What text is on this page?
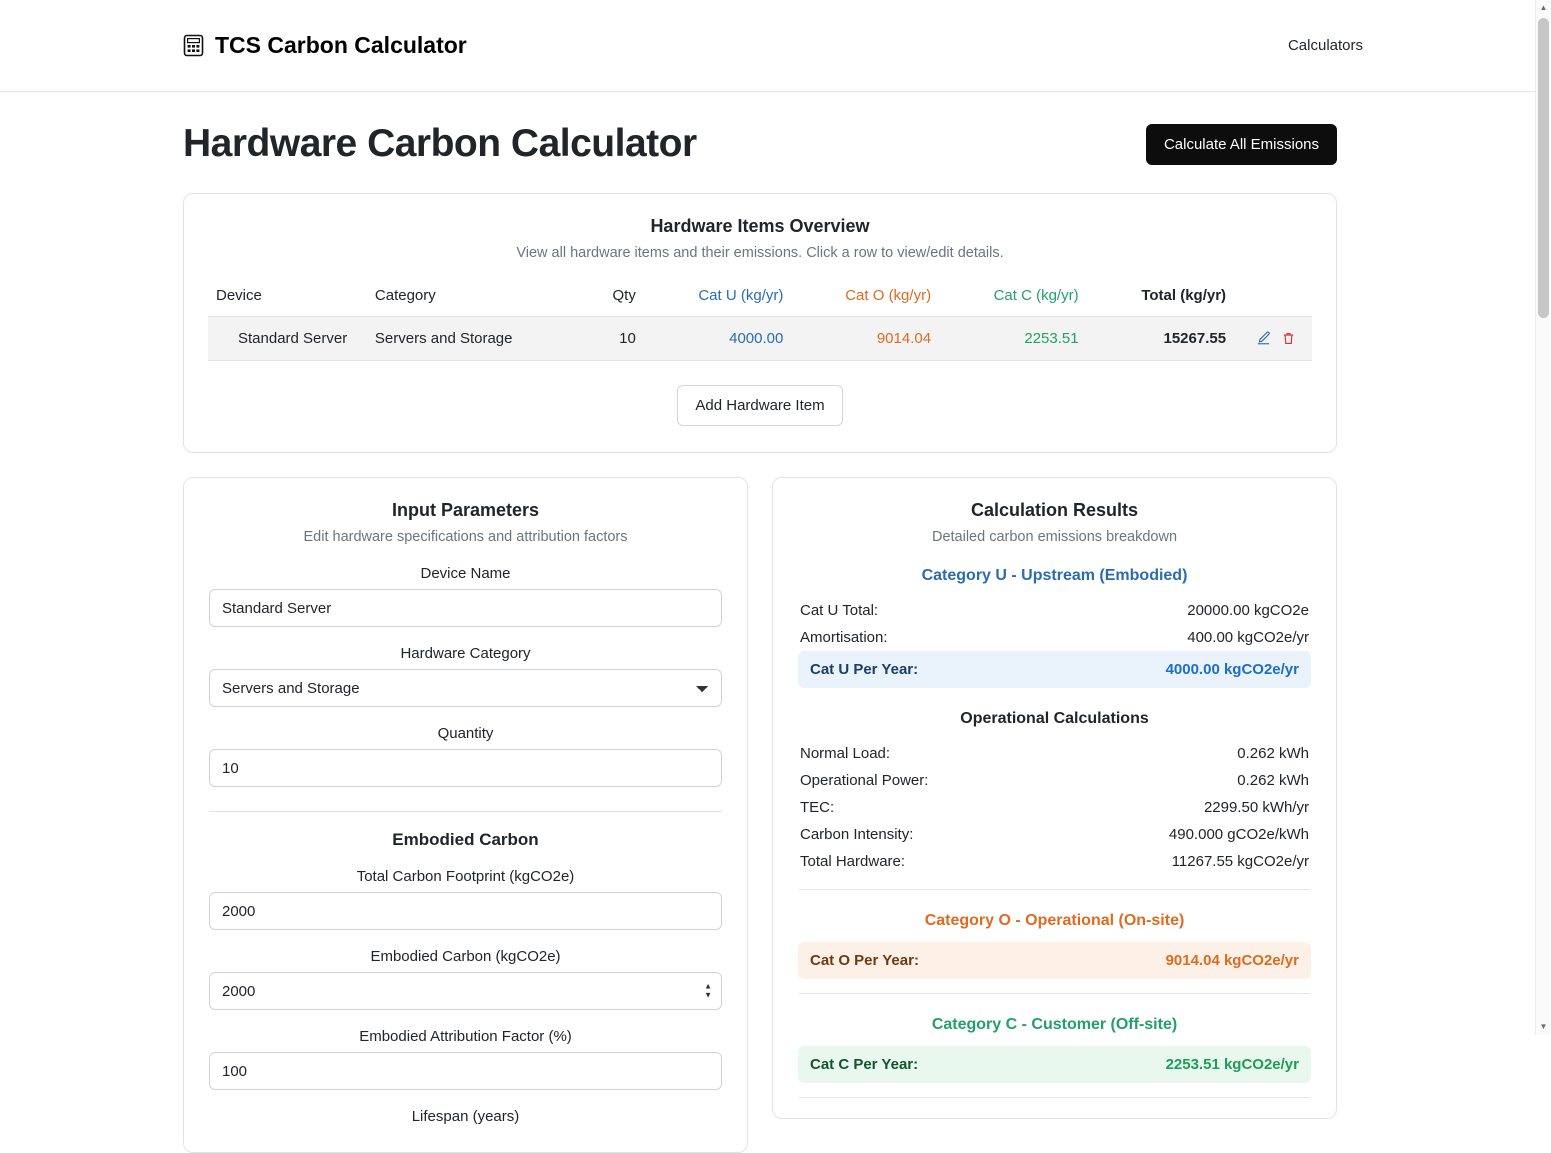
TCS Carbon Calculator	Calculators
Hardware Carbon Calculator	Calculate All Emissions
Hardware Items Overview

View all hardware items and their emissions. Click a row to view/edit details.

Device	Category	Qty	Cat U (kg/yr)	Cat O (kg/yr)	Cat C (kg/yr)	Total (kg/yr)	
Standard Server	Servers and Storage	10	4000.00	9014.04	2253.51	15267.55	
Add Hardware Item
Input Parameters

Edit hardware specifications and attribution factors

Device Name
Standard Server
Hardware Category
Servers and Storage
Quantity
10
Embodied Carbon
Total Carbon Footprint (kgCO2e)
2000
Embodied Carbon (kgCO2e)
2000
▲
▼
Embodied Attribution Factor (%)
100
Lifespan (years)
Calculation Results

Detailed carbon emissions breakdown

Category U - Upstream (Embodied)
Cat U Total:	20000.00 kgCO2e
Amortisation:	400.00 kgCO2e/yr
Cat U Per Year:	4000.00 kgCO2e/yr
Operational Calculations
Normal Load:	0.262 kWh
Operational Power:	0.262 kWh
TEC:	2299.50 kWh/yr
Carbon Intensity:	490.000 gCO2e/kWh
Total Hardware:	11267.55 kgCO2e/yr
Category O - Operational (On-site)
Cat O Per Year:	9014.04 kgCO2e/yr
Category C - Customer (Off-site)
Cat C Per Year:	2253.51 kgCO2e/yr
▲
▼
